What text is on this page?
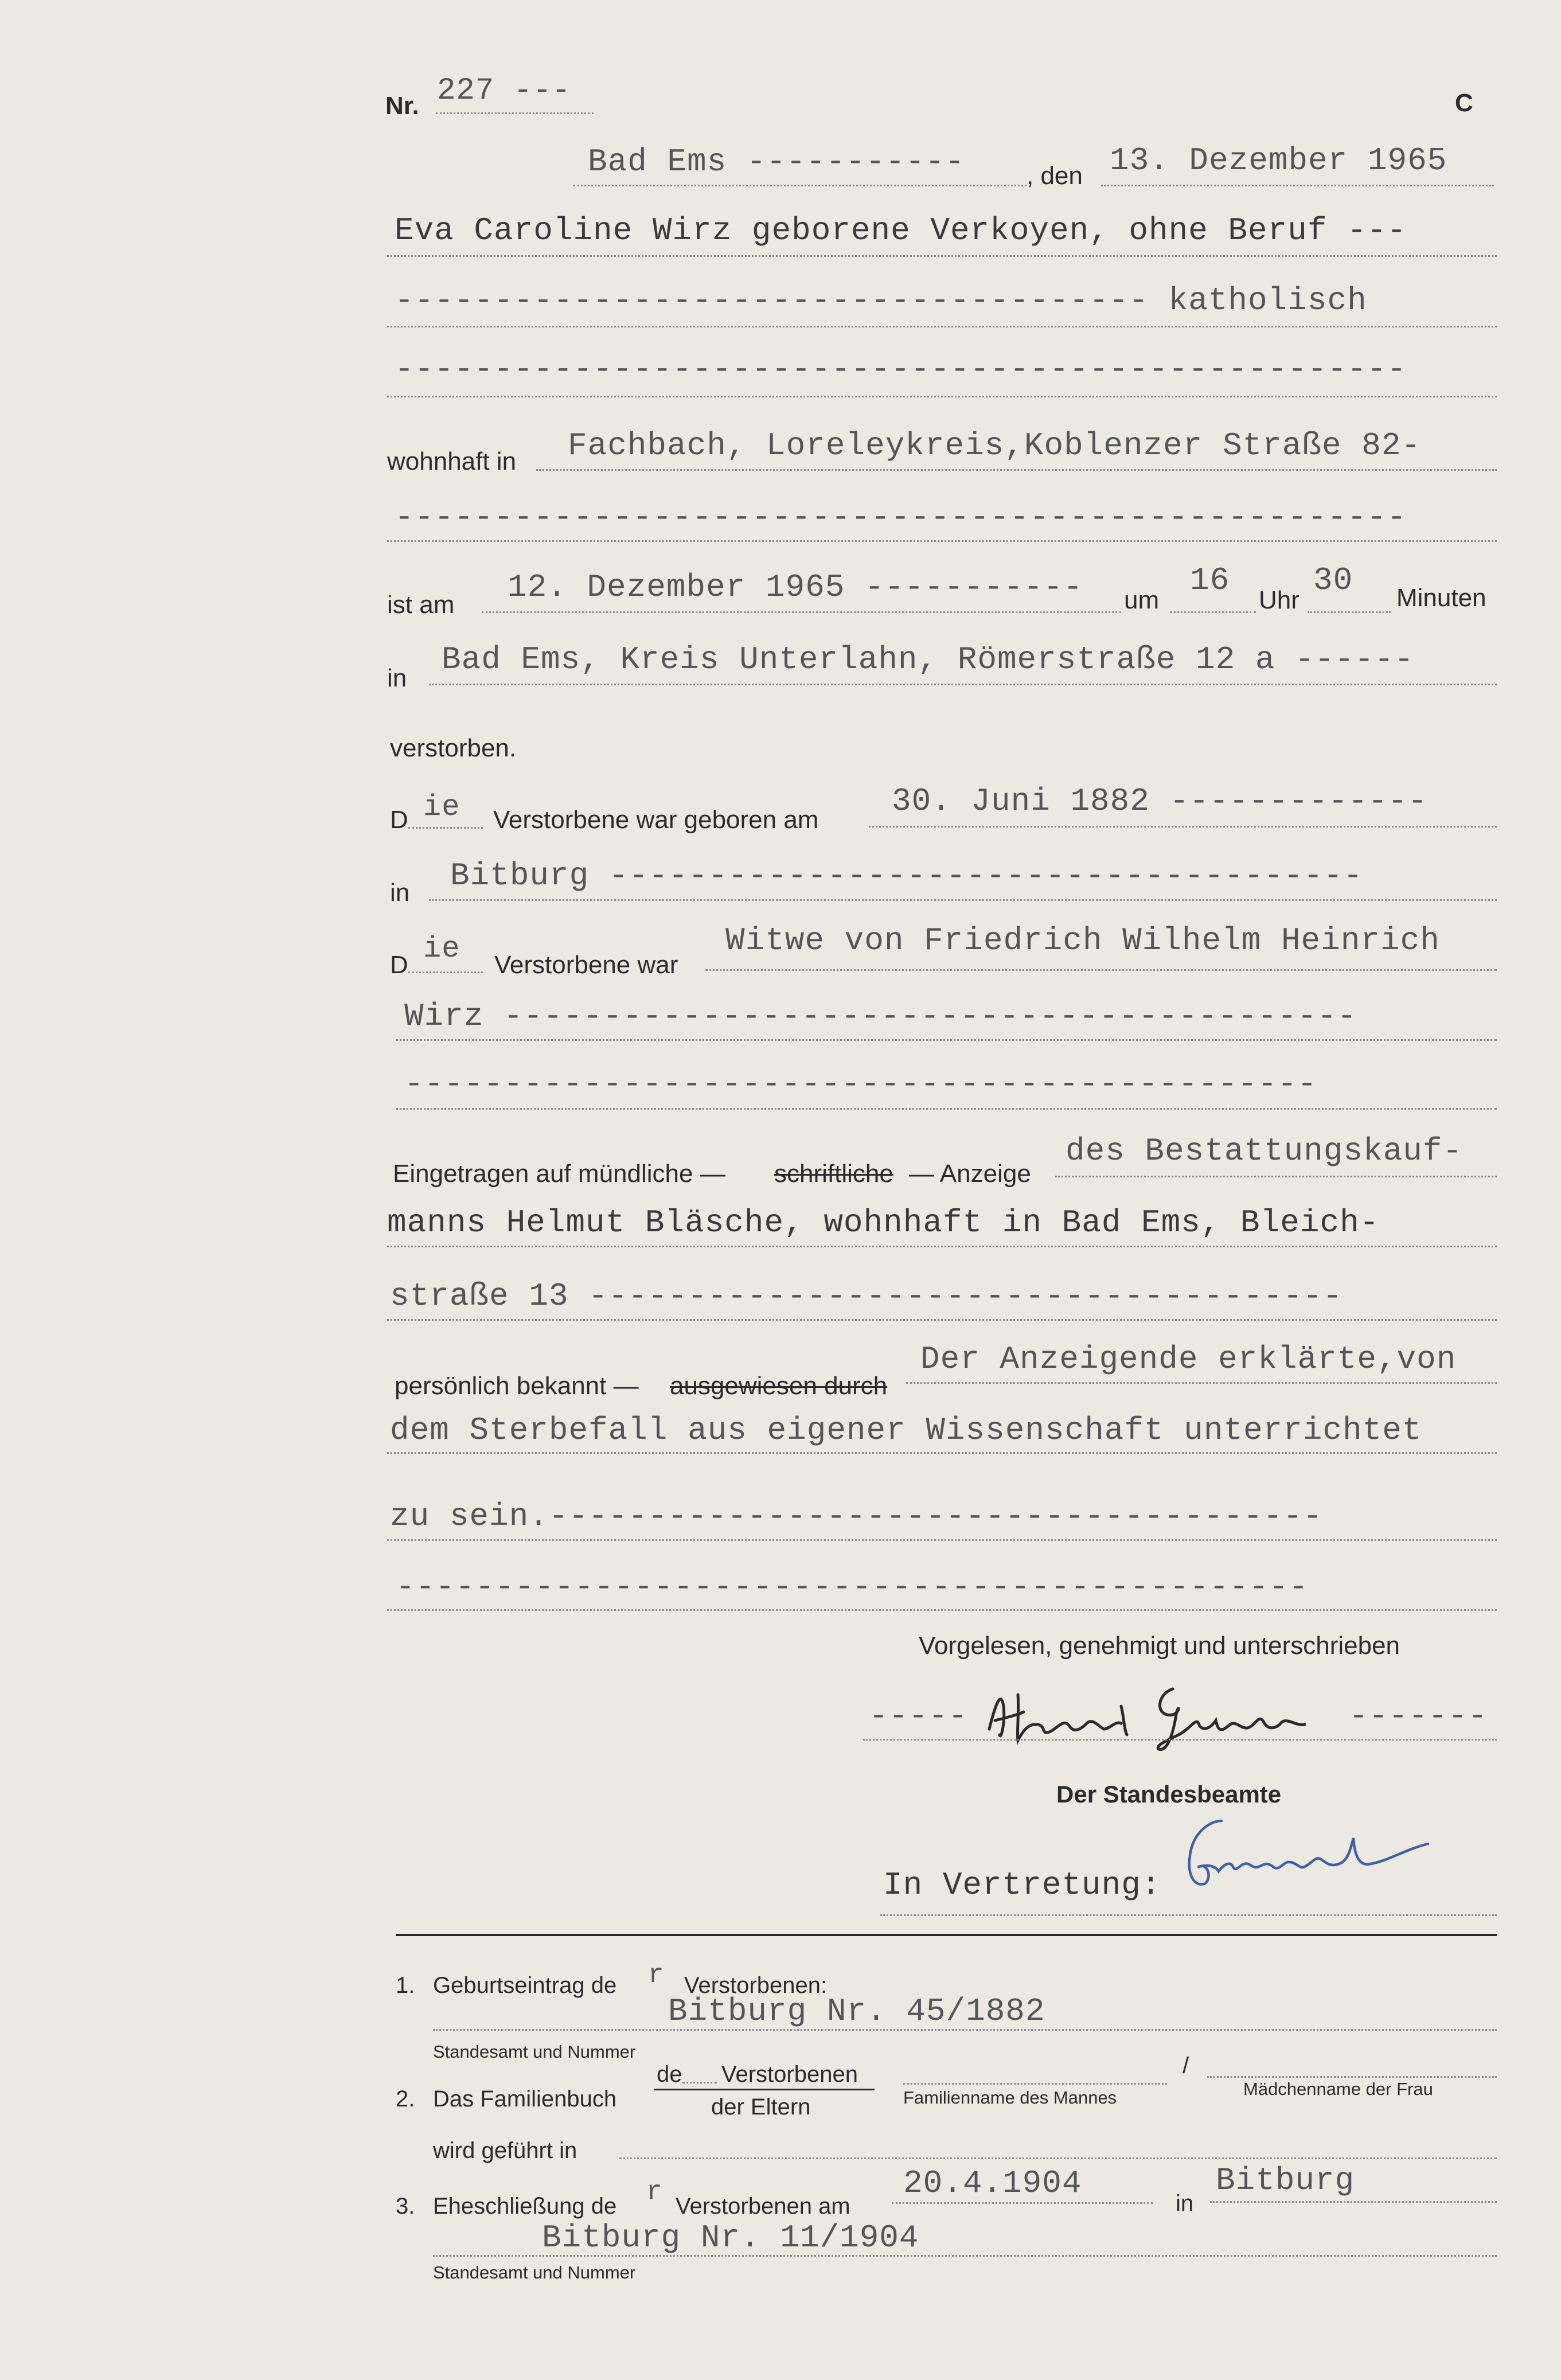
Nr. 227 ---	C
Bad Ems ----------- , den 13. Dezember 1965
Eva Caroline Wirz geborene Verkoyen, ohne Beruf ---
-------------------------------------- katholisch
---------------------------------------------------
wohnhaft in Fachbach, Loreleykreis,Koblenzer Straße 82-
---------------------------------------------------
ist am 12. Dezember 1965 ----------- um
16
Uhr
30 Minuten
in
Bad Ems, Kreis Unterlahn, Römerstraße 12 a ------
verstorben.
D ie Verstorbene war geboren am
30. Juni 1882 -------------
in Bitburg --------------------------------------
D ie Verstorbene war
Witwe von Friedrich Wilhelm Heinrich
Wirz -------------------------------------------
----------------------------------------------
Eingetragen auf mündliche — schriftliche — Anzeige
des Bestattungskauf-
manns Helmut Bläsche, wohnhaft in Bad Ems, Bleich-
straße 13 --------------------------------------
persönlich bekannt — ausgewiesen durch
Der Anzeigende erklärte,von
dem Sterbefall aus eigener Wissenschaft unterrichtet
zu sein.---------------------------------------
----------------------------------------------
Vorgelesen, genehmigt und unterschrieben
-----
Helmut Bläsche
-------
Der Standesbeamte
In Vertretung:	Grunder
1. Geburtseintrag de r Verstorbenen:
Bitburg Nr. 45/1882
Standesamt und Nummer
2. Das Familienbuch
de Verstorbenen
der Eltern
/
Familienname des Mannes	Mädchenname der Frau
wird geführt in
3. Eheschließung de r Verstorbenen am
20.4.1904
in
Bitburg
Bitburg Nr. 11/1904
Standesamt und Nummer
